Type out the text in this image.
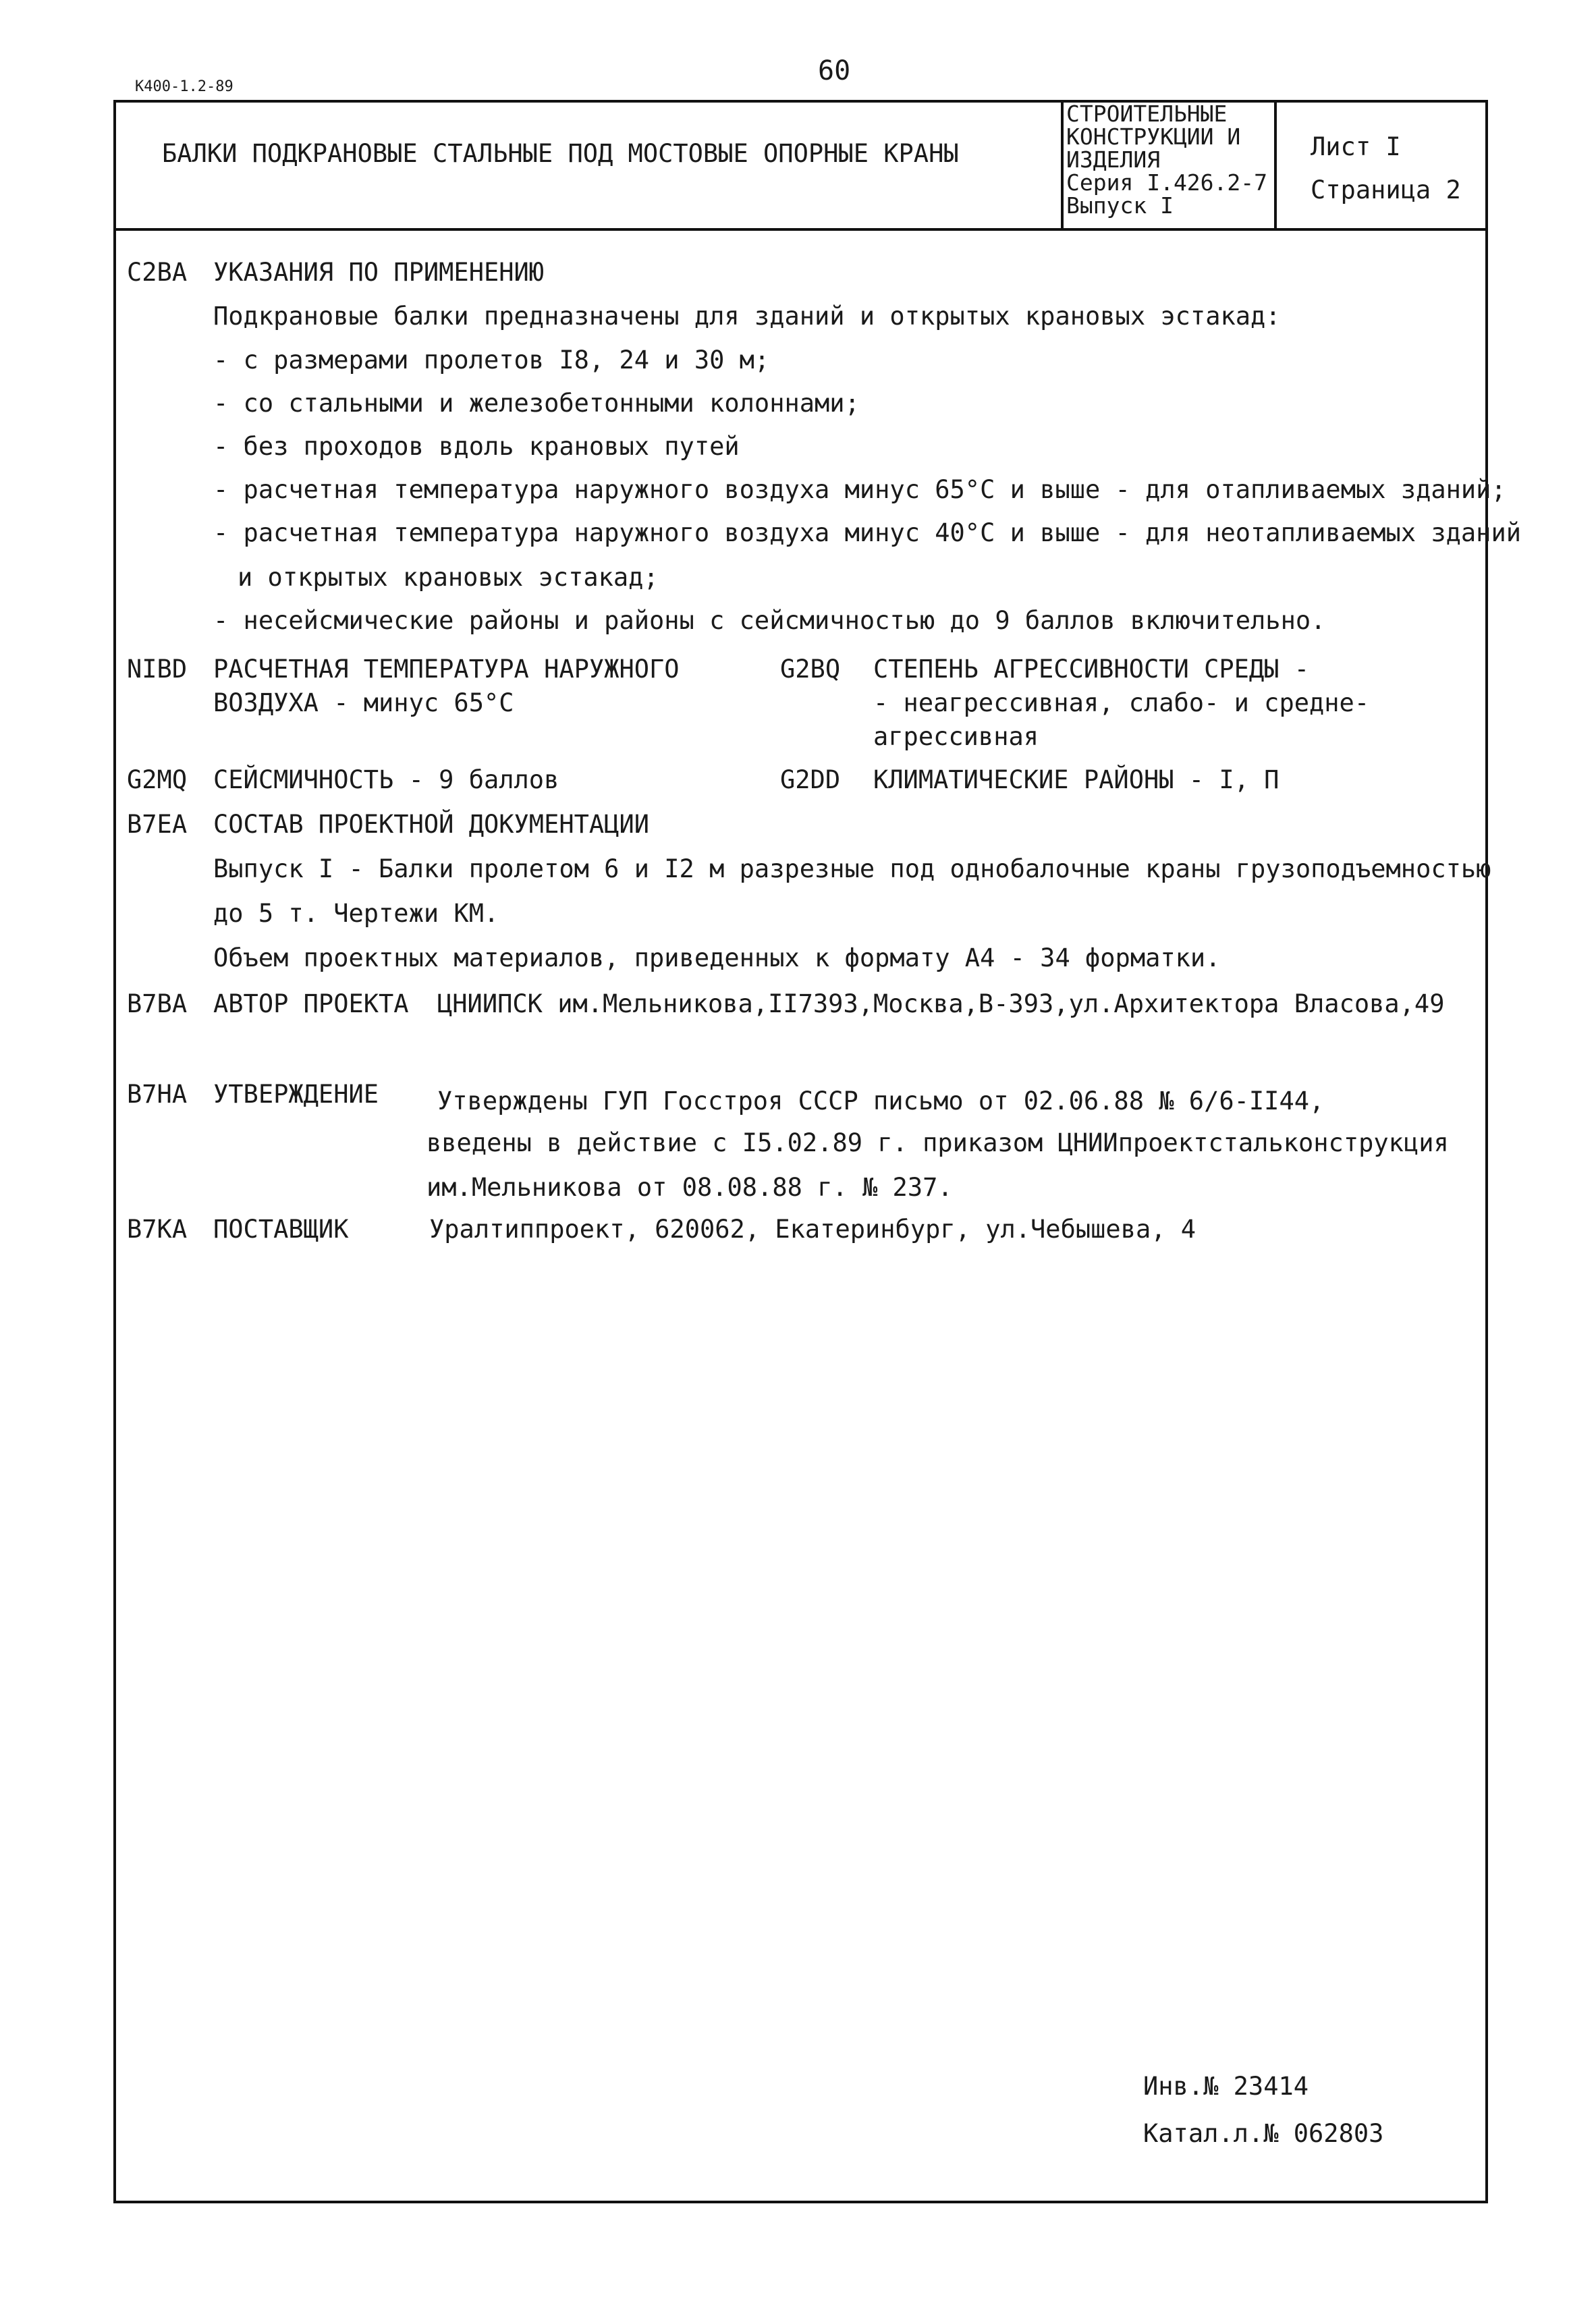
60
К400-1.2-89
БАЛКИ ПОДКРАНОВЫЕ СТАЛЬНЫЕ ПОД МОСТОВЫЕ ОПОРНЫЕ КРАНЫ
СТРОИТЕЛЬНЫЕ
КОНСТРУКЦИИ И
ИЗДЕЛИЯ
Серия I.426.2-7
Выпуск I
Лист I
Страница 2
C2BA УКАЗАНИЯ ПО ПРИМЕНЕНИЮ
Подкрановые балки предназначены для зданий и открытых крановых эстакад:
- с размерами пролетов I8, 24 и 30 м;
- со стальными и железобетонными колоннами;
- без проходов вдоль крановых путей
- расчетная температура наружного воздуха минус 65°C и выше - для отапливаемых зданий;
- расчетная температура наружного воздуха минус 40°C и выше - для неотапливаемых зданий
и открытых крановых эстакад;
- несейсмические районы и районы с сейсмичностью до 9 баллов включительно.
NIBD РАСЧЕТНАЯ ТЕМПЕРАТУРА НАРУЖНОГО
ВОЗДУХА - минус 65°C
G2BQ СТЕПЕНЬ АГРЕССИВНОСТИ СРЕДЫ -
- неагрессивная, слабо- и средне-
агрессивная
G2MQ СЕЙСМИЧНОСТЬ - 9 баллов	G2DD КЛИМАТИЧЕСКИЕ РАЙОНЫ - I, П
B7EA СОСТАВ ПРОЕКТНОЙ ДОКУМЕНТАЦИИ
Выпуск I - Балки пролетом 6 и I2 м разрезные под однобалочные краны грузоподъемностью
до 5 т. Чертежи КМ.
Объем проектных материалов, приведенных к формату А4 - 34 форматки.
B7BA АВТОР ПРОЕКТА ЦНИИПСК им.Мельникова,II7393,Москва,В-393,ул.Архитектора Власова,49
B7HA УТВЕРЖДЕНИЕ Утверждены ГУП Госстроя СССР письмо от 02.06.88 № 6/6-II44,
введены в действие с I5.02.89 г. приказом ЦНИИпроектстальконструкция
им.Мельникова от 08.08.88 г. № 237.
B7KA ПОСТАВЩИК	Уралтиппроект, 620062, Екатеринбург, ул.Чебышева, 4
Инв.№ 23414
Катал.л.№ 062803
